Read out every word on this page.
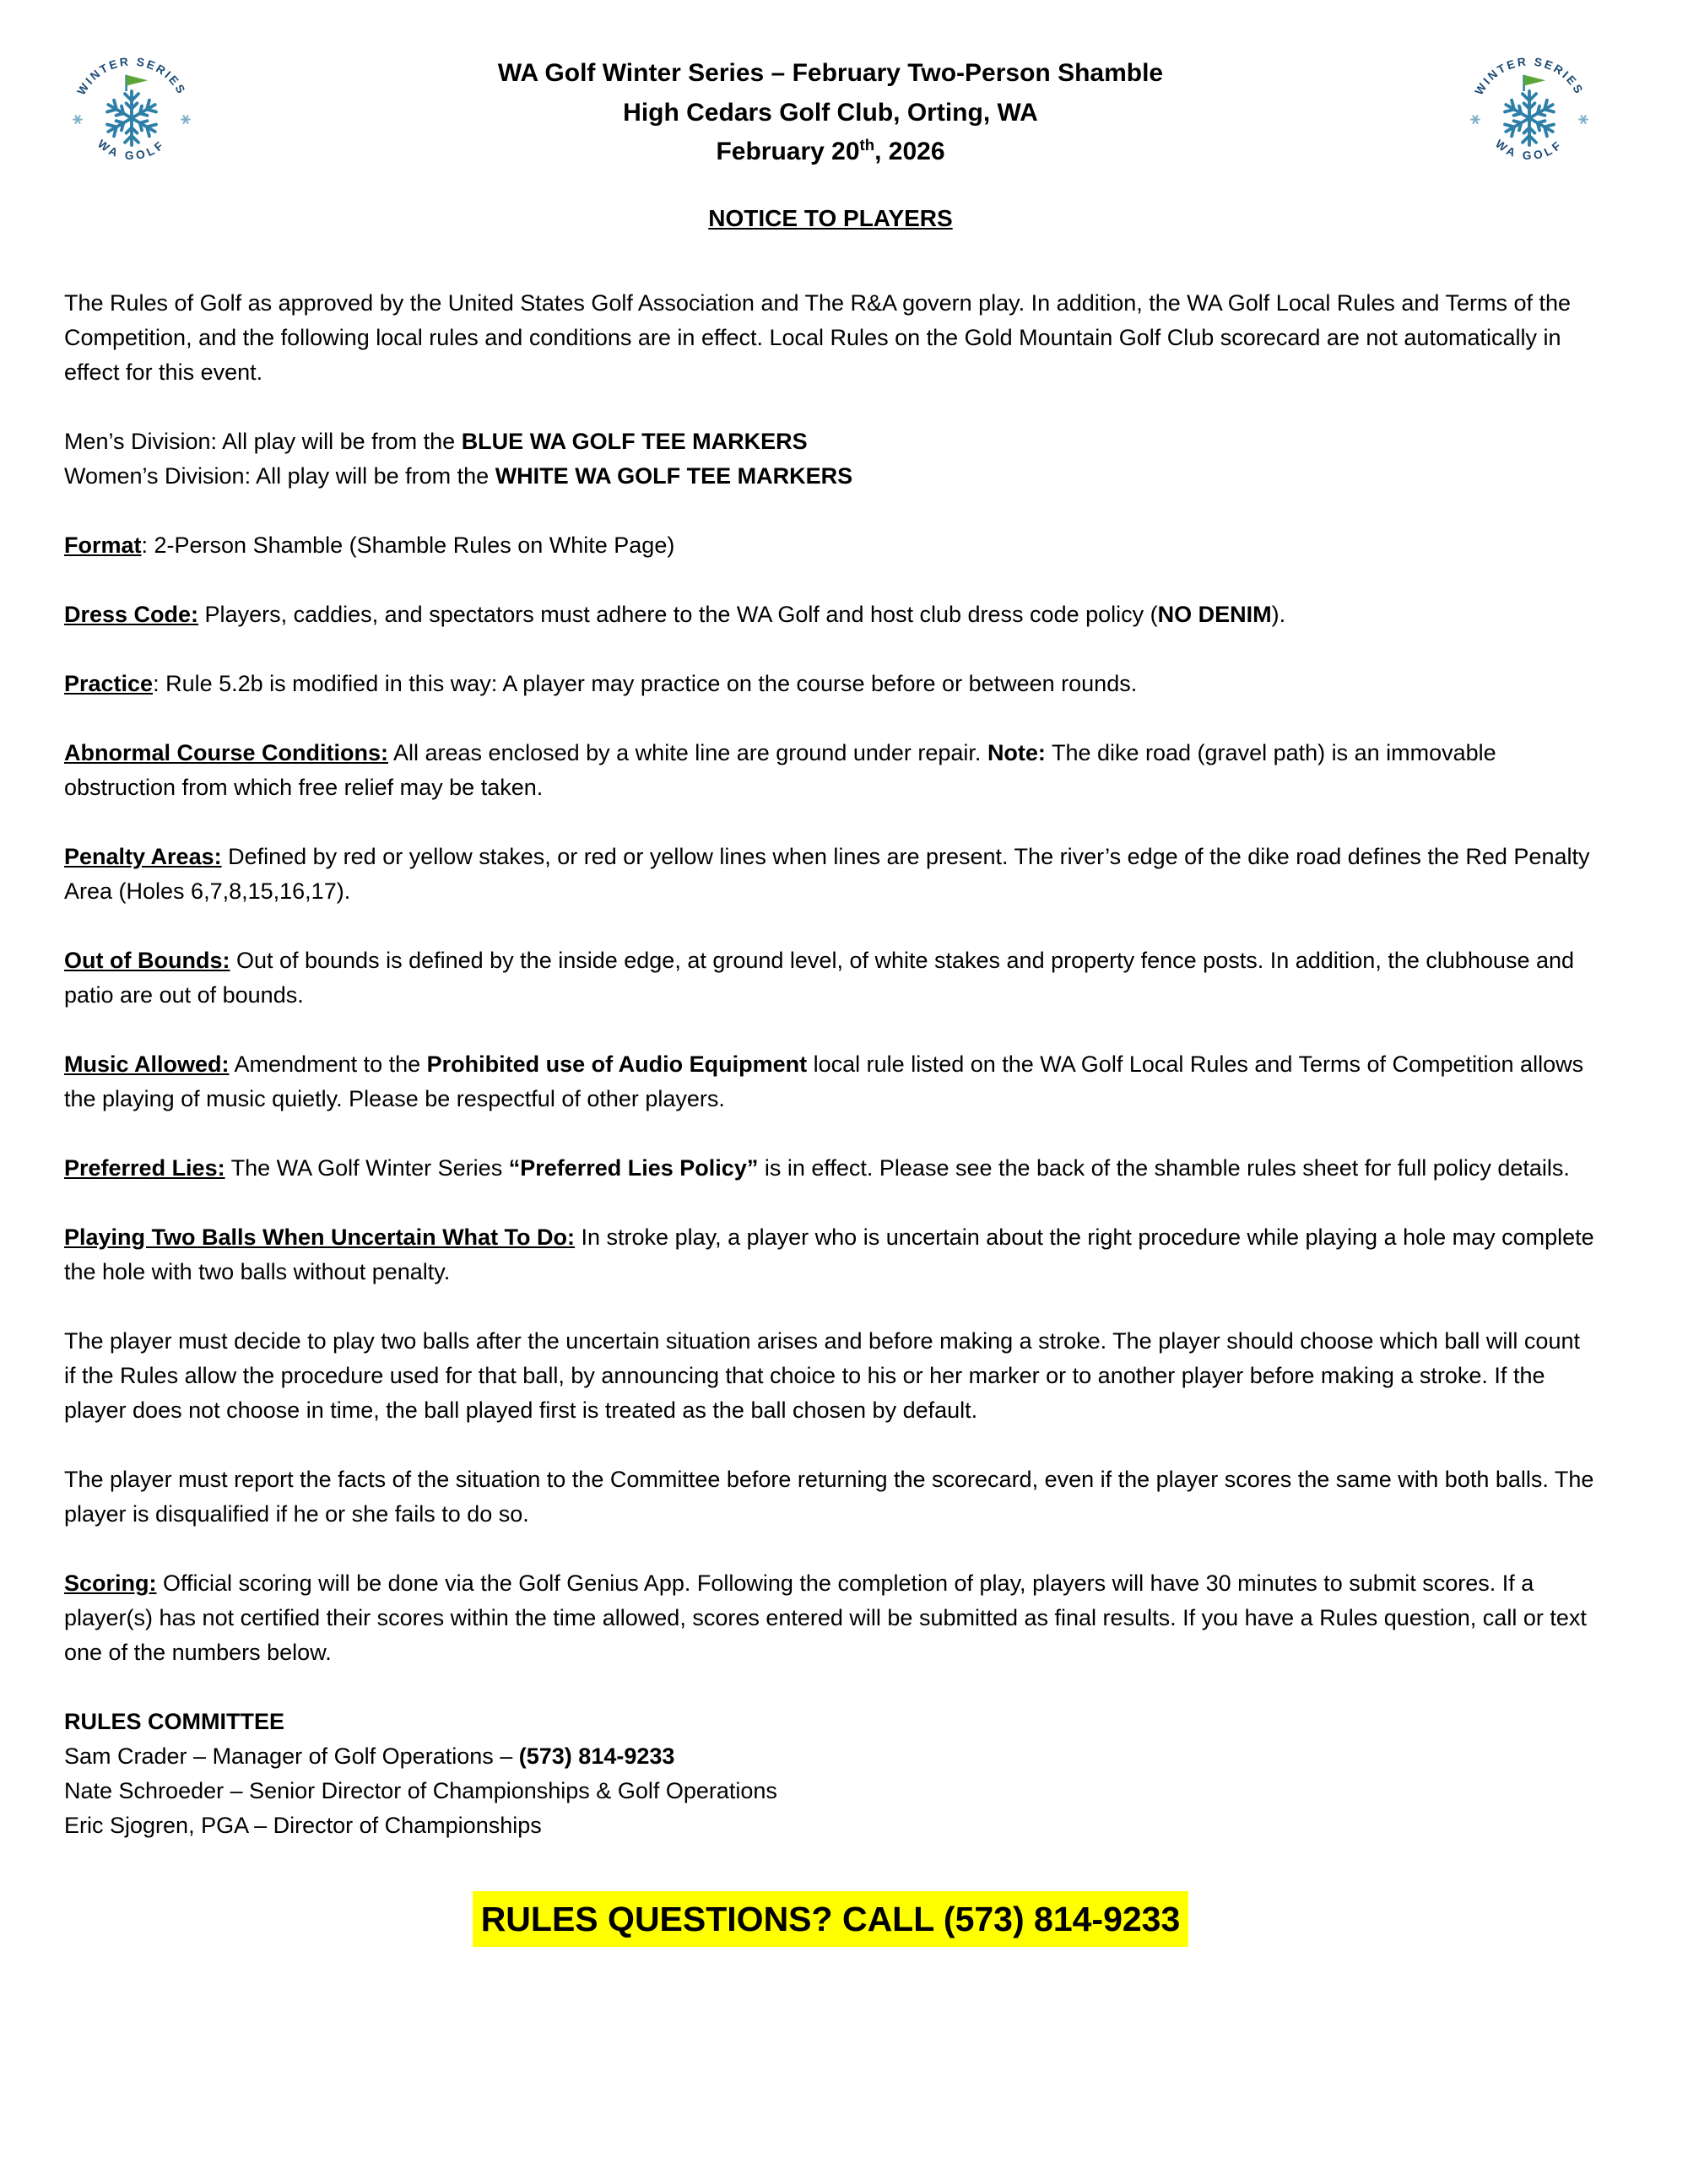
WINTER SERIES
WA GOLF
WA Golf Winter Series – February Two-Person Shamble
High Cedars Golf Club, Orting, WA
February 20th, 2026
WINTER SERIES
WA GOLF
NOTICE TO PLAYERS
The Rules of Golf as approved by the United States Golf Association and The R&A govern play. In addition, the WA Golf Local Rules and Terms of the Competition, and the following local rules and conditions are in effect. Local Rules on the Gold Mountain Golf Club scorecard are not automatically in effect for this event.
Men’s Division: All play will be from the BLUE WA GOLF TEE MARKERS
Women’s Division: All play will be from the WHITE WA GOLF TEE MARKERS
Format: 2-Person Shamble (Shamble Rules on White Page)
Dress Code: Players, caddies, and spectators must adhere to the WA Golf and host club dress code policy (NO DENIM).
Practice: Rule 5.2b is modified in this way: A player may practice on the course before or between rounds.
Abnormal Course Conditions: All areas enclosed by a white line are ground under repair. Note: The dike road (gravel path) is an immovable obstruction from which free relief may be taken.
Penalty Areas: Defined by red or yellow stakes, or red or yellow lines when lines are present. The river’s edge of the dike road defines the Red Penalty Area (Holes 6,7,8,15,16,17).
Out of Bounds: Out of bounds is defined by the inside edge, at ground level, of white stakes and property fence posts. In addition, the clubhouse and patio are out of bounds.
Music Allowed: Amendment to the Prohibited use of Audio Equipment local rule listed on the WA Golf Local Rules and Terms of Competition allows the playing of music quietly. Please be respectful of other players.
Preferred Lies: The WA Golf Winter Series “Preferred Lies Policy” is in effect. Please see the back of the shamble rules sheet for full policy details.
Playing Two Balls When Uncertain What To Do: In stroke play, a player who is uncertain about the right procedure while playing a hole may complete the hole with two balls without penalty.
The player must decide to play two balls after the uncertain situation arises and before making a stroke. The player should choose which ball will count if the Rules allow the procedure used for that ball, by announcing that choice to his or her marker or to another player before making a stroke. If the player does not choose in time, the ball played first is treated as the ball chosen by default.
The player must report the facts of the situation to the Committee before returning the scorecard, even if the player scores the same with both balls. The player is disqualified if he or she fails to do so.
Scoring: Official scoring will be done via the Golf Genius App. Following the completion of play, players will have 30 minutes to submit scores. If a player(s) has not certified their scores within the time allowed, scores entered will be submitted as final results. If you have a Rules question, call or text one of the numbers below.
RULES COMMITTEE
Sam Crader – Manager of Golf Operations – (573) 814-9233
Nate Schroeder – Senior Director of Championships & Golf Operations
Eric Sjogren, PGA – Director of Championships
RULES QUESTIONS? CALL (573) 814-9233
